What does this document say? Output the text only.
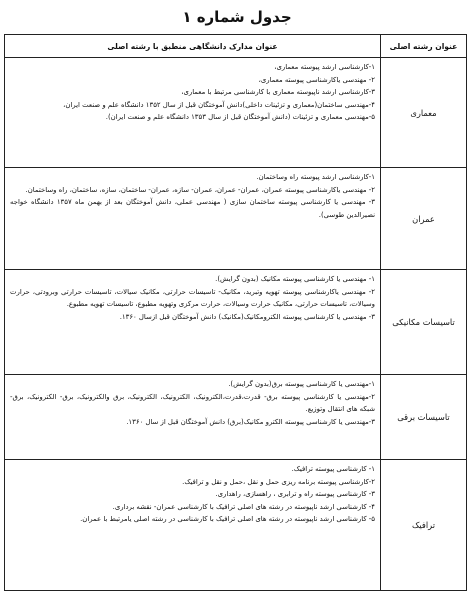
جدول شماره ۱
عنوان رشته اصلی	عنوان مدارک دانشگاهی منطبق با رشته اصلی
معماری	۱-کارشناسی ارشد پیوسته معماری،
۲- مهندسی یاکارشناسی پیوسته معماری،
۳-کارشناسی ارشد ناپیوسته معماری با کارشناسی مرتبط با معماری،
۴-مهندسی ساختمان(معماری و تزئینات داخلی)دانش آموختگان قبل از سال ۱۳۵۲ دانشگاه علم و صنعت ایران،
۵-مهندسی معماری و تزئینات (دانش آموختگان قبل از سال ۱۳۵۳ دانشگاه علم و صنعت ایران).

عمران	۱-کارشناسی ارشد پیوسته راه وساختمان.
۲- مهندسی یاکارشناسی پیوسته عمران، عمران- عمران، عمران- سازه، عمران- ساختمان، سازه، ساختمان، راه وساختمان.
۳- مهندسی یا کارشناسی پیوسته ساختمان سازی ( مهندسی عملی، دانش آموختگان بعد از بهمن ماه ۱۳۵۷ دانشگاه خواجه نصیرالدین طوسی).

تاسیسات مکانیکی	۱- مهندسی یا کارشناسی پیوسته مکانیک (بدون گرایش).
۲- مهندسی یاکارشناسی پیوسته تهویه وتبرید، مکانیک- تاسیسات حرارتی، مکانیک سیالات، تاسیسات حرارتی وبرودتی، حرارت وسیالات، تاسیسات حرارتی، مکانیک حرارت وسیالات، حرارت مرکزی وتهویه مطبوع، تاسیسات تهویه مطبوع.
۳- مهندسی یا کارشناسی پیوسته الکترومکانیک(مکانیک) دانش آموختگان قبل ازسال ۱۳۶۰.

تاسیسات برقی	۱-مهندسی یا کارشناسی پیوسته برق(بدون گرایش).
۲-مهندسی یا کارشناسی پیوسته برق- قدرت،قدرت،الکترونیک، الکترونیک، الکترونیک، برق والکترونیک، برق- الکترونیک، برق- شبکه های انتقال وتوزیع.
۳-مهندسی یا کارشناسی پیوسته الکترو مکانیک(برق) دانش آموختگان قبل از سال ۱۳۶۰.

ترافیک	۱- کارشناسی پیوسته ترافیک.
۲-کارشناسی پیوسته برنامه ریزی حمل و نقل ،حمل و نقل و ترافیک.
۳- کارشناسی پیوسته راه و ترابری ، راهسازی، راهداری.
۴- کارشناسی ارشد ناپیوسته در رشته های اصلی ترافیک با کارشناسی عمران- نقشه برداری.
۵- کارشناسی ارشد ناپیوسته در رشته های اصلی ترافیک با کارشناسی در رشته اصلی یامرتبط با عمران.
